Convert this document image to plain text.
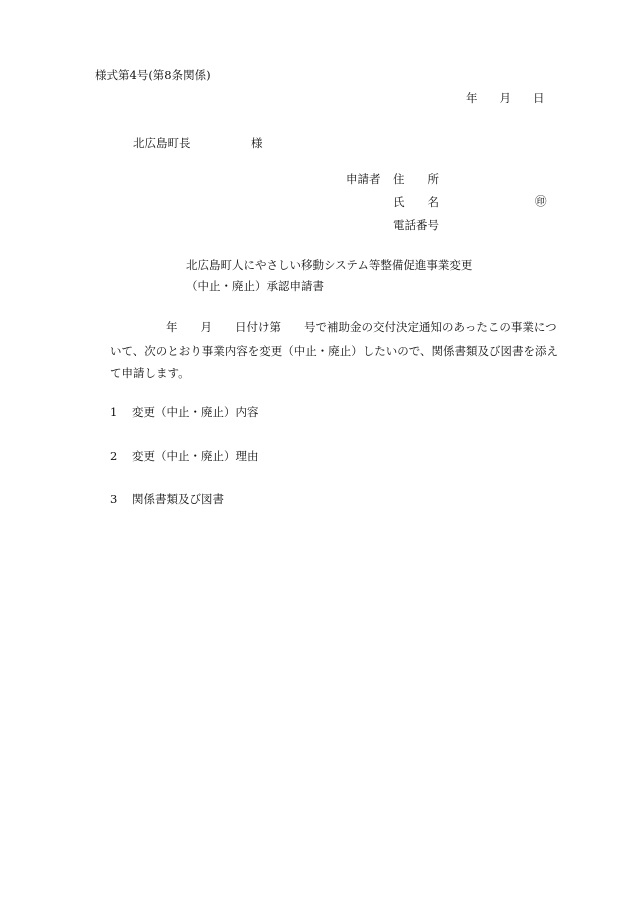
様式第4号(第8条関係)
年 月 日
北広島町長	様
申請者 住　　所
氏　　名	㊞
電話番号
北広島町人にやさしい移動システム等整備促進事業変更
（中止・廃止）承認申請書
年　　月　　日付け第　　号で補助金の交付決定通知のあったこの事業につ
いて、次のとおり事業内容を変更（中止・廃止）したいので、関係書類及び図書を添え
て申請します。
1 変更（中止・廃止）内容
2 変更（中止・廃止）理由
3 関係書類及び図書
